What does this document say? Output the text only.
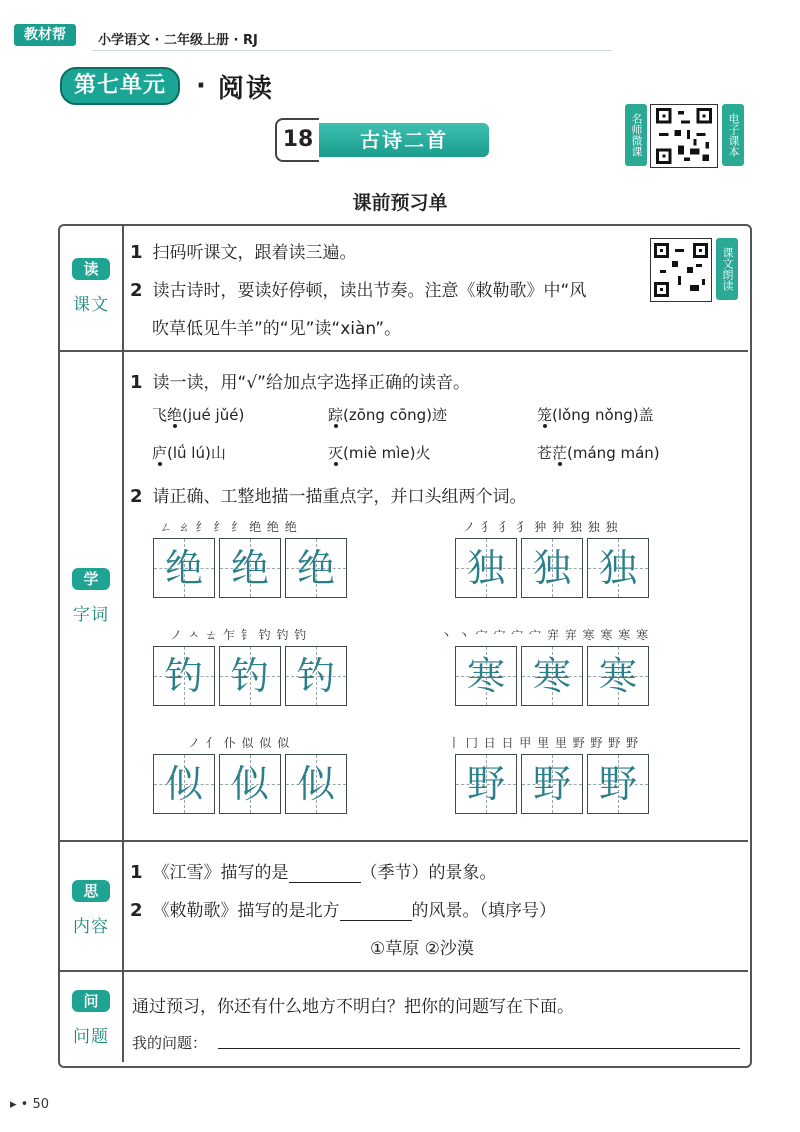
教材帮	小学语文 · 二年级上册 · RJ
第七单元	· 阅读
18	古诗二首	名师微课	电子课本
课前预习单
读
课文
学
字词
思
内容
问
问题
1 扫码听课文，跟着读三遍。
2 读古诗时，要读好停顿，读出节奏。注意《敕勒歌》中“风
吹草低见牛羊”的“见”读“xiàn”。
课文朗读
1 读一读，用“√”给加点字选择正确的读音。
飞绝(jué jǔé)	踪(zōng cōng)迹	笼(lǒng nǒng)盖
庐(lǘ lú)山	灭(miè mìe)火	苍茫(máng mán)
2 请正确、工整地描一描重点字，并口头组两个词。
ㄥ ㄠ 纟 纟 纟 绝 绝 绝
绝 绝 绝
ノ 犭 犭 犭 狆 狆 独 独 独
独 独 独
ノ ㅅ ㄊ 乍 钅 钓 钓 钓
钓 钓 钓
丶 丶 宀 宀 宀 宀 宑 宑 寒 寒 寒 寒
寒 寒 寒
ノ 亻 仆 似 似 似
似 似 似
丨 冂 日 日 甲 里 里 野 野 野 野
野 野 野
1 《江雪》描写的是	（季节）的景象。
2 《敕勒歌》描写的是北方	的风景。（填序号）
①草原 ②沙漠
通过预习，你还有什么地方不明白？把你的问题写在下面。
我的问题：
▸ • 50
